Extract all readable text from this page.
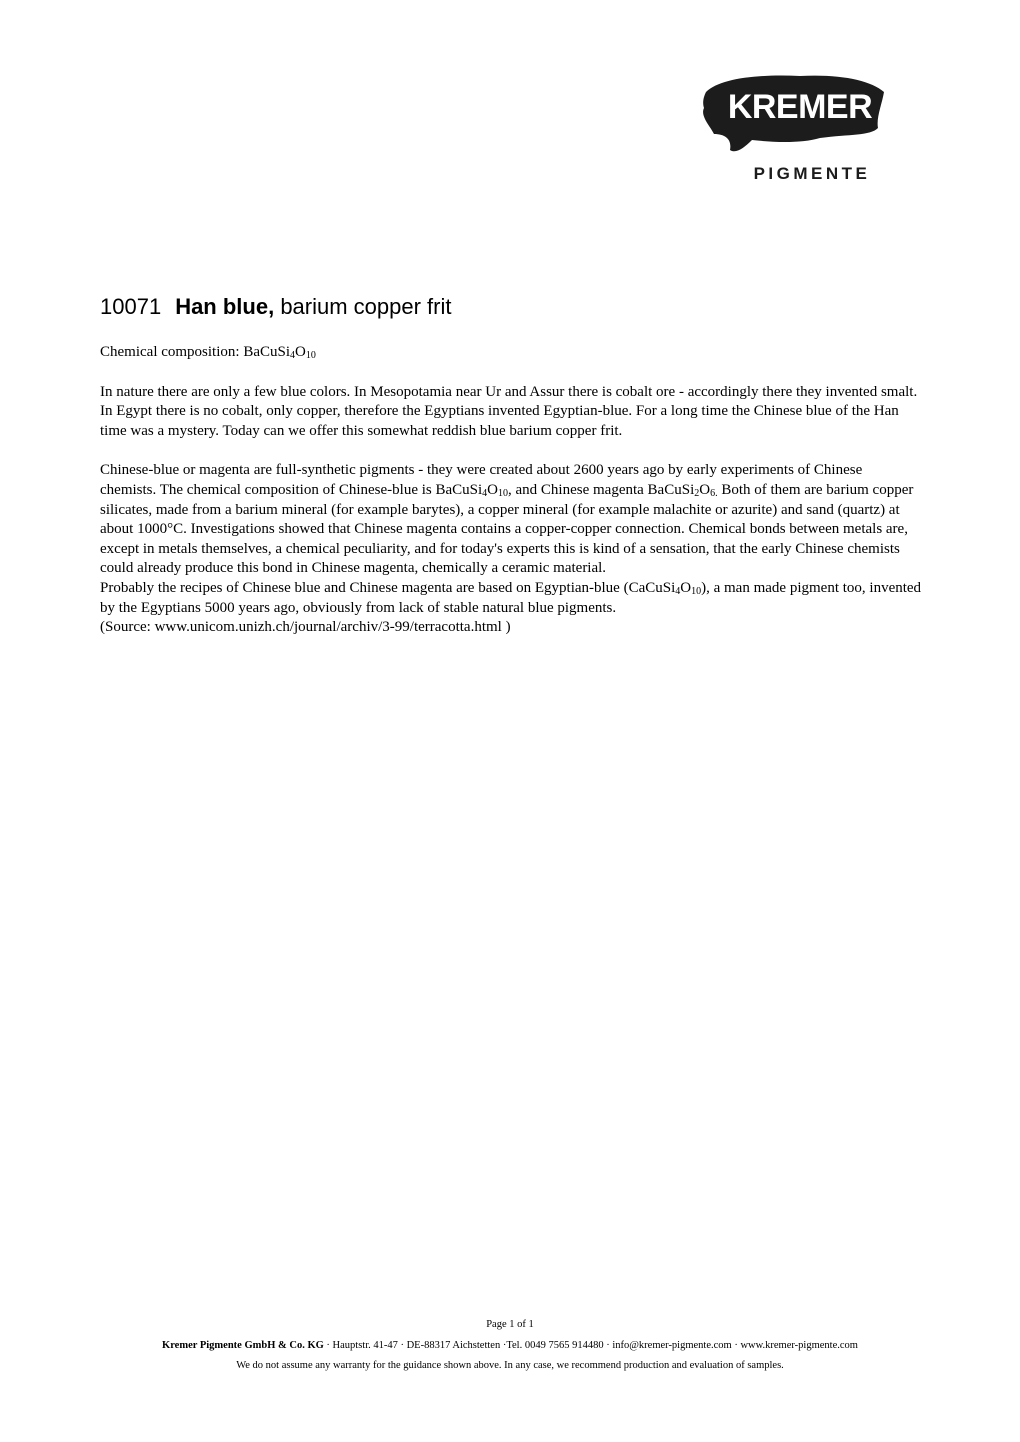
KREMER
PIGMENTE
10071 Han blue, barium copper frit

Chemical composition: $BaCuSi_4O_{10}$

In nature there are only a few blue colors. In Mesopotamia near Ur and Assur there is cobalt ore - accordingly there they invented smalt. In Egypt there is no cobalt, only copper, therefore the Egyptians invented Egyptian-blue. For a long time the Chinese blue of the Han time was a mystery. Today can we offer this somewhat reddish blue barium copper frit.

Chinese-blue or magenta are full-synthetic pigments - they were created about 2600 years ago by early experiments of Chinese chemists. The chemical composition of Chinese-blue is $BaCuSi_4O_{10}$, and Chinese magenta $BaCuSi_2O_{6.}$ Both of them are barium copper silicates, made from a barium mineral (for example barytes), a copper mineral (for example malachite or azurite) and sand (quartz) at about 1000°C. Investigations showed that Chinese magenta contains a copper-copper connection. Chemical bonds between metals are, except in metals themselves, a chemical peculiarity, and for today's experts this is kind of a sensation, that the early Chinese chemists could already produce this bond in Chinese magenta, chemically a ceramic material.

Probably the recipes of Chinese blue and Chinese magenta are based on Egyptian-blue $(CaCuSi_4O_{10})$, a man made pigment too, invented by the Egyptians 5000 years ago, obviously from lack of stable natural blue pigments.

(Source: www.unicom.unizh.ch/journal/archiv/3-99/terracotta.html )

Page 1 of 1

Kremer Pigmente GmbH & Co. KG · Hauptstr. 41-47 · DE-88317 Aichstetten ·Tel. 0049 7565 914480 · info@kremer-pigmente.com · www.kremer-pigmente.com

We do not assume any warranty for the guidance shown above. In any case, we recommend production and evaluation of samples.
